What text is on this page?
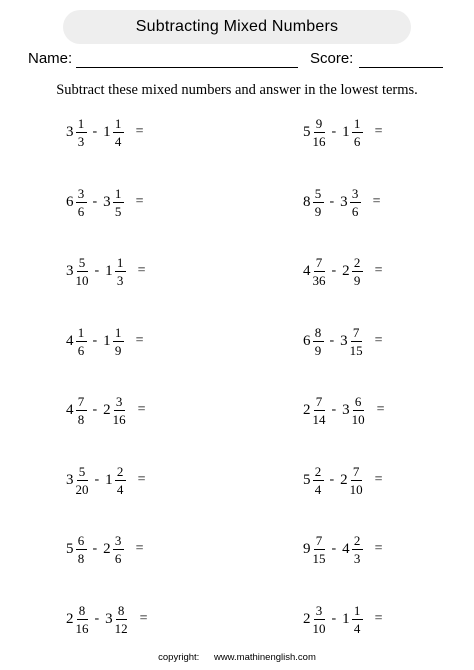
Subtracting Mixed Numbers
Name:	Score:
Subtract these mixed numbers and answer in the lowest terms.
$3 \frac{1}{3} - 1 \frac{1}{4}$ =
$6 \frac{3}{6} - 3 \frac{1}{5}$ =
$3 \frac{5}{10} - 1 \frac{1}{3}$ =
$4 \frac{1}{6} - 1 \frac{1}{9}$ =
$4 \frac{7}{8} - 2 \frac{3}{16}$ =
$3 \frac{5}{20} - 1 \frac{2}{4}$ =
$5 \frac{6}{8} - 2 \frac{3}{6}$ =
$2 \frac{8}{16} - 3 \frac{8}{12}$ =
$5 \frac{9}{16} - 1 \frac{1}{6}$ =
$8 \frac{5}{9} - 3 \frac{3}{6}$ =
$4 \frac{7}{36} - 2 \frac{2}{9}$ =
$6 \frac{8}{9} - 3 \frac{7}{15}$ =
$2 \frac{7}{14} - 3 \frac{6}{10}$ =
$5 \frac{2}{4} - 2 \frac{7}{10}$ =
$9 \frac{7}{15} - 4 \frac{2}{3}$ =
$2 \frac{3}{10} - 1 \frac{1}{4}$ =
copyright: www.mathinenglish.com
